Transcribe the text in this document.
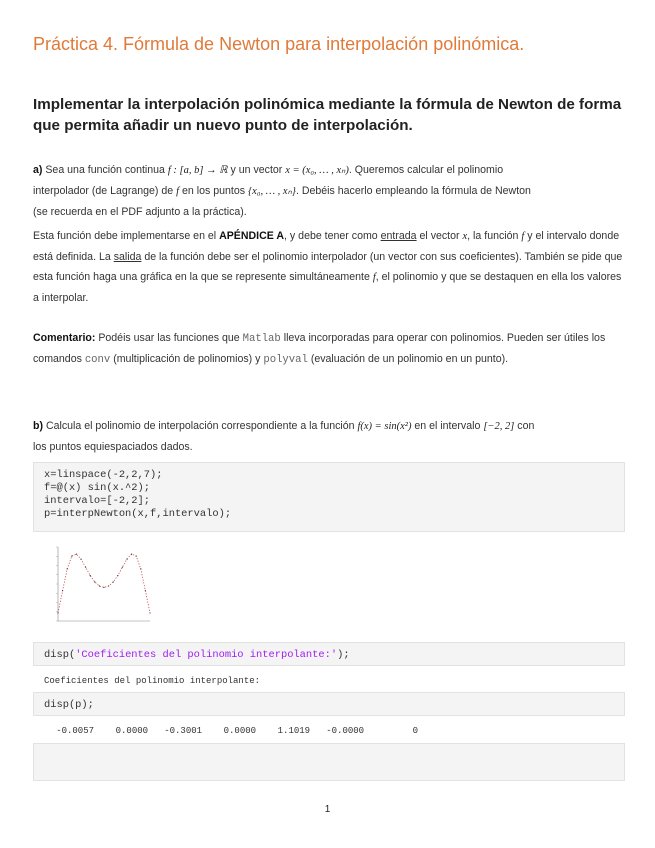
Práctica 4. Fórmula de Newton para interpolación polinómica.
Implementar la interpolación polinómica mediante la fórmula de Newton de forma que permita añadir un nuevo punto de interpolación.
a) Sea una función continua f : [a, b] → ℝ y un vector x = (x₀, … , xₙ). Queremos calcular el polinomio
interpolador (de Lagrange) de f en los puntos {x₀, … , xₙ}. Debéis hacerlo empleando la fórmula de Newton
(se recuerda en el PDF adjunto a la práctica).
Esta función debe implementarse en el APÉNDICE A, y debe tener como entrada el vector x, la función f y el intervalo donde está definida. La salida de la función debe ser el polinomio interpolador (un vector con sus coeficientes). También se pide que esta función haga una gráfica en la que se represente simultáneamente f, el polinomio y que se destaquen en ella los valores a interpolar.
Comentario: Podéis usar las funciones que Matlab lleva incorporadas para operar con polinomios. Pueden ser útiles los comandos conv (multiplicación de polinomios) y polyval (evaluación de un polinomio en un punto).
b) Calcula el polinomio de interpolación correspondiente a la función f(x) = sin(x²) en el intervalo [−2, 2] con
los puntos equiespaciados dados.
x=linspace(-2,2,7);
f=@(x) sin(x.^2);
intervalo=[-2,2];
p=interpNewton(x,f,intervalo);
disp('Coeficientes del polinomio interpolante:');
Coeficientes del polinomio interpolante:
disp(p);
-0.0057    0.0000   -0.3001    0.0000    1.1019   -0.0000         0
1
